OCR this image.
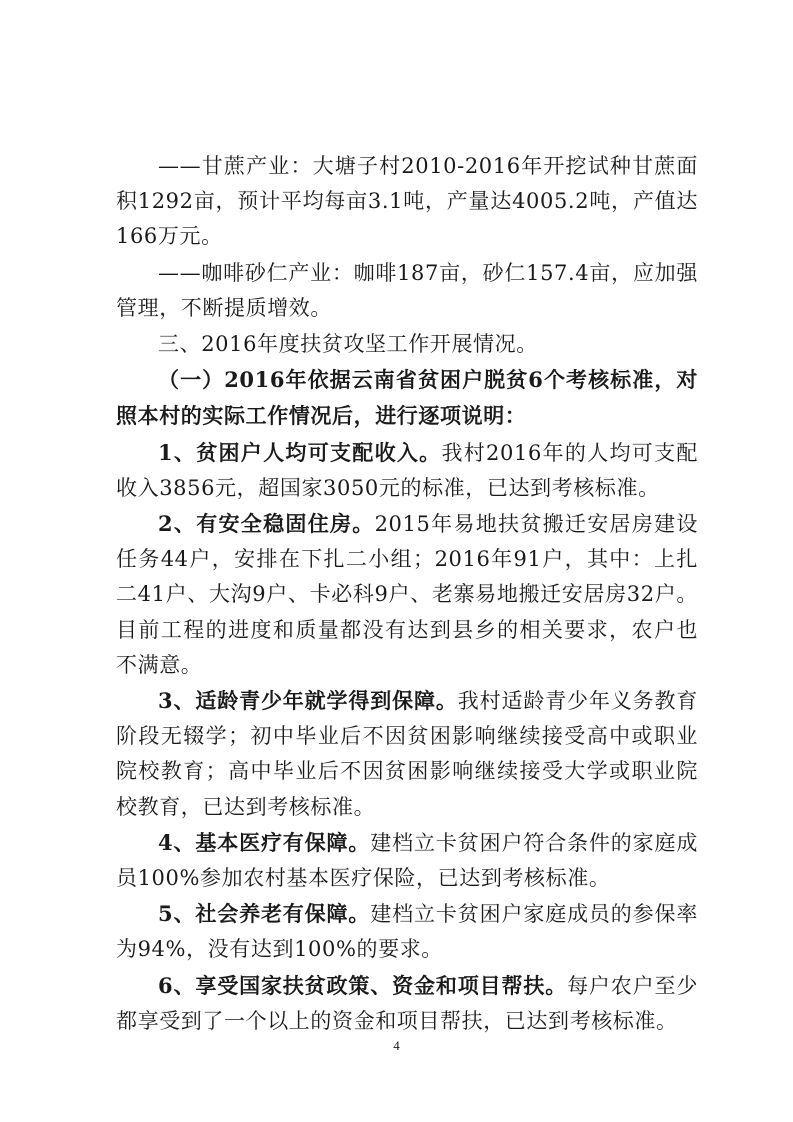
——甘蔗产业：大塘子村2010-2016年开挖试种甘蔗面积1292亩，预计平均每亩3.1吨，产量达4005.2吨，产值达166万元。

——咖啡砂仁产业：咖啡187亩，砂仁157.4亩，应加强管理，不断提质增效。

三、2016年度扶贫攻坚工作开展情况。

（一）2016年依据云南省贫困户脱贫6个考核标准，对照本村的实际工作情况后，进行逐项说明：

1、贫困户人均可支配收入。我村2016年的人均可支配收入3856元，超国家3050元的标准，已达到考核标准。

2、有安全稳固住房。2015年易地扶贫搬迁安居房建设任务44户，安排在下扎二小组；2016年91户，其中：上扎二41户、大沟9户、卡必科9户、老寨易地搬迁安居房32户。目前工程的进度和质量都没有达到县乡的相关要求，农户也不满意。

3、适龄青少年就学得到保障。我村适龄青少年义务教育阶段无辍学；初中毕业后不因贫困影响继续接受高中或职业院校教育；高中毕业后不因贫困影响继续接受大学或职业院校教育，已达到考核标准。

4、基本医疗有保障。建档立卡贫困户符合条件的家庭成员100%参加农村基本医疗保险，已达到考核标准。

5、社会养老有保障。建档立卡贫困户家庭成员的参保率为94%，没有达到100%的要求。

6、享受国家扶贫政策、资金和项目帮扶。每户农户至少都享受到了一个以上的资金和项目帮扶，已达到考核标准。

4
